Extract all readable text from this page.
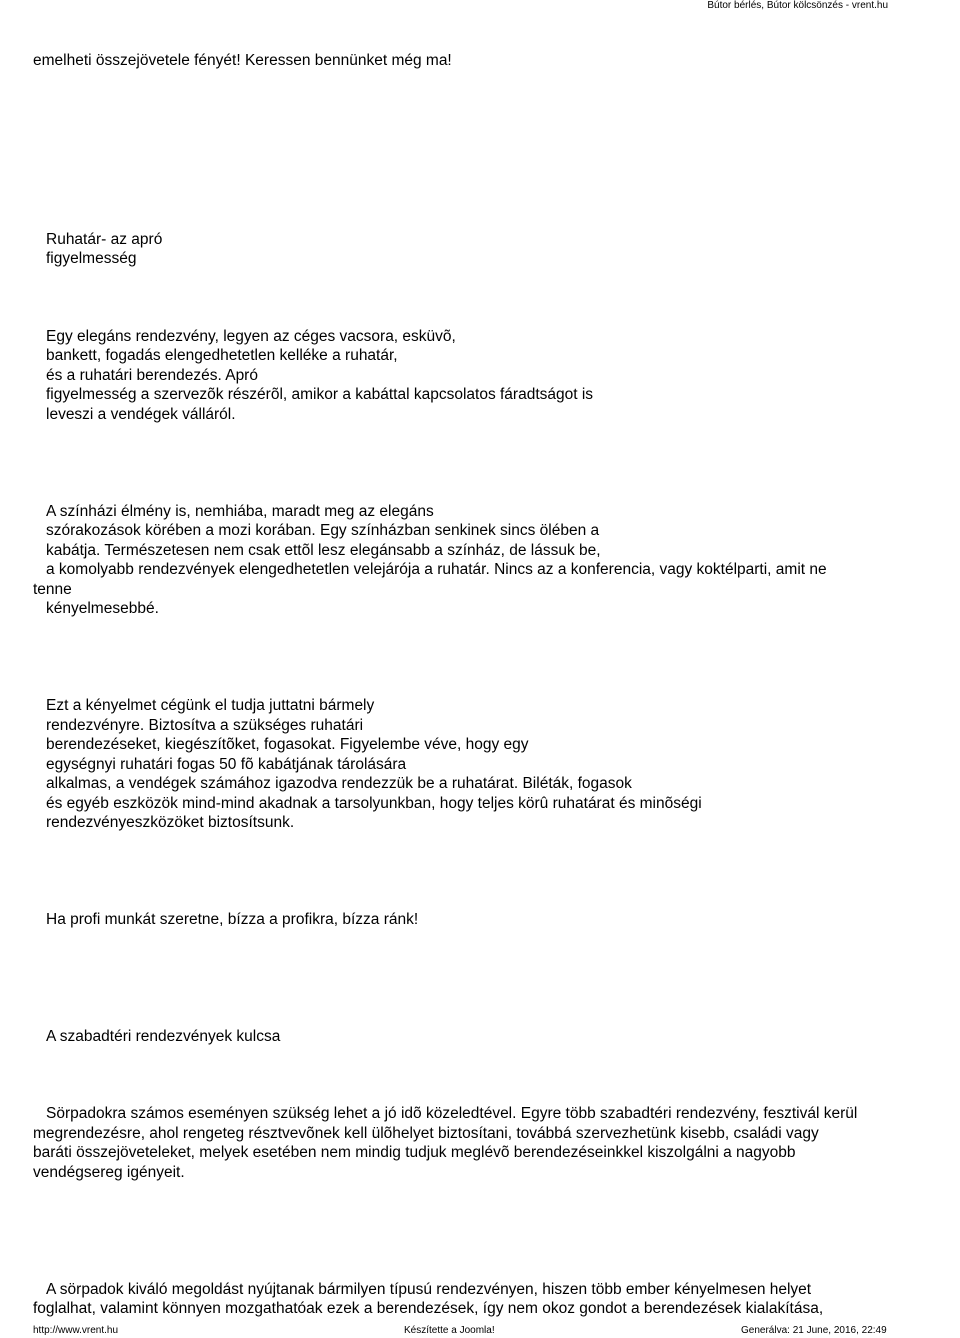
Bútor bérlés, Bútor kölcsönzés - vrent.hu
emelheti összejövetele fényét! Keressen bennünket még ma!
Ruhatár- az apró
figyelmesség
Egy elegáns rendezvény, legyen az céges vacsora, esküvõ,
bankett, fogadás elengedhetetlen kelléke a ruhatár,
és a ruhatári berendezés. Apró
figyelmesség a szervezõk részérõl, amikor a kabáttal kapcsolatos fáradtságot is
leveszi a vendégek válláról.
A színházi élmény is, nemhiába, maradt meg az elegáns
szórakozások körében a mozi korában. Egy színházban senkinek sincs ölében a
kabátja. Természetesen nem csak ettõl lesz elegánsabb a színház, de lássuk be,
a komolyabb rendezvények elengedhetetlen velejárója a ruhatár. Nincs az a konferencia, vagy koktélparti, amit ne
tenne
kényelmesebbé.
Ezt a kényelmet cégünk el tudja juttatni bármely
rendezvényre. Biztosítva a szükséges ruhatári
berendezéseket, kiegészítõket, fogasokat. Figyelembe véve, hogy egy
egységnyi ruhatári fogas 50 fõ kabátjának tárolására
alkalmas, a vendégek számához igazodva rendezzük be a ruhatárat. Biléták, fogasok
és egyéb eszközök mind-mind akadnak a tarsolyunkban, hogy teljes körû ruhatárat és minõségi
rendezvényeszközöket biztosítsunk.
Ha profi munkát szeretne, bízza a profikra, bízza ránk!
A szabadtéri rendezvények kulcsa
Sörpadokra számos eseményen szükség lehet a jó idõ közeledtével. Egyre több szabadtéri rendezvény, fesztivál kerül
megrendezésre, ahol rengeteg résztvevõnek kell ülõhelyet biztosítani, továbbá szervezhetünk kisebb, családi vagy
baráti összejöveteleket, melyek esetében nem mindig tudjuk meglévõ berendezéseinkkel kiszolgálni a nagyobb
vendégsereg igényeit.
A sörpadok kiváló megoldást nyújtanak bármilyen típusú rendezvényen, hiszen több ember kényelmesen helyet
foglalhat, valamint könnyen mozgathatóak ezek a berendezések, így nem okoz gondot a berendezések kialakítása,
http://www.vrent.hu	Készítette a Joomla!	Generálva: 21 June, 2016, 22:49
